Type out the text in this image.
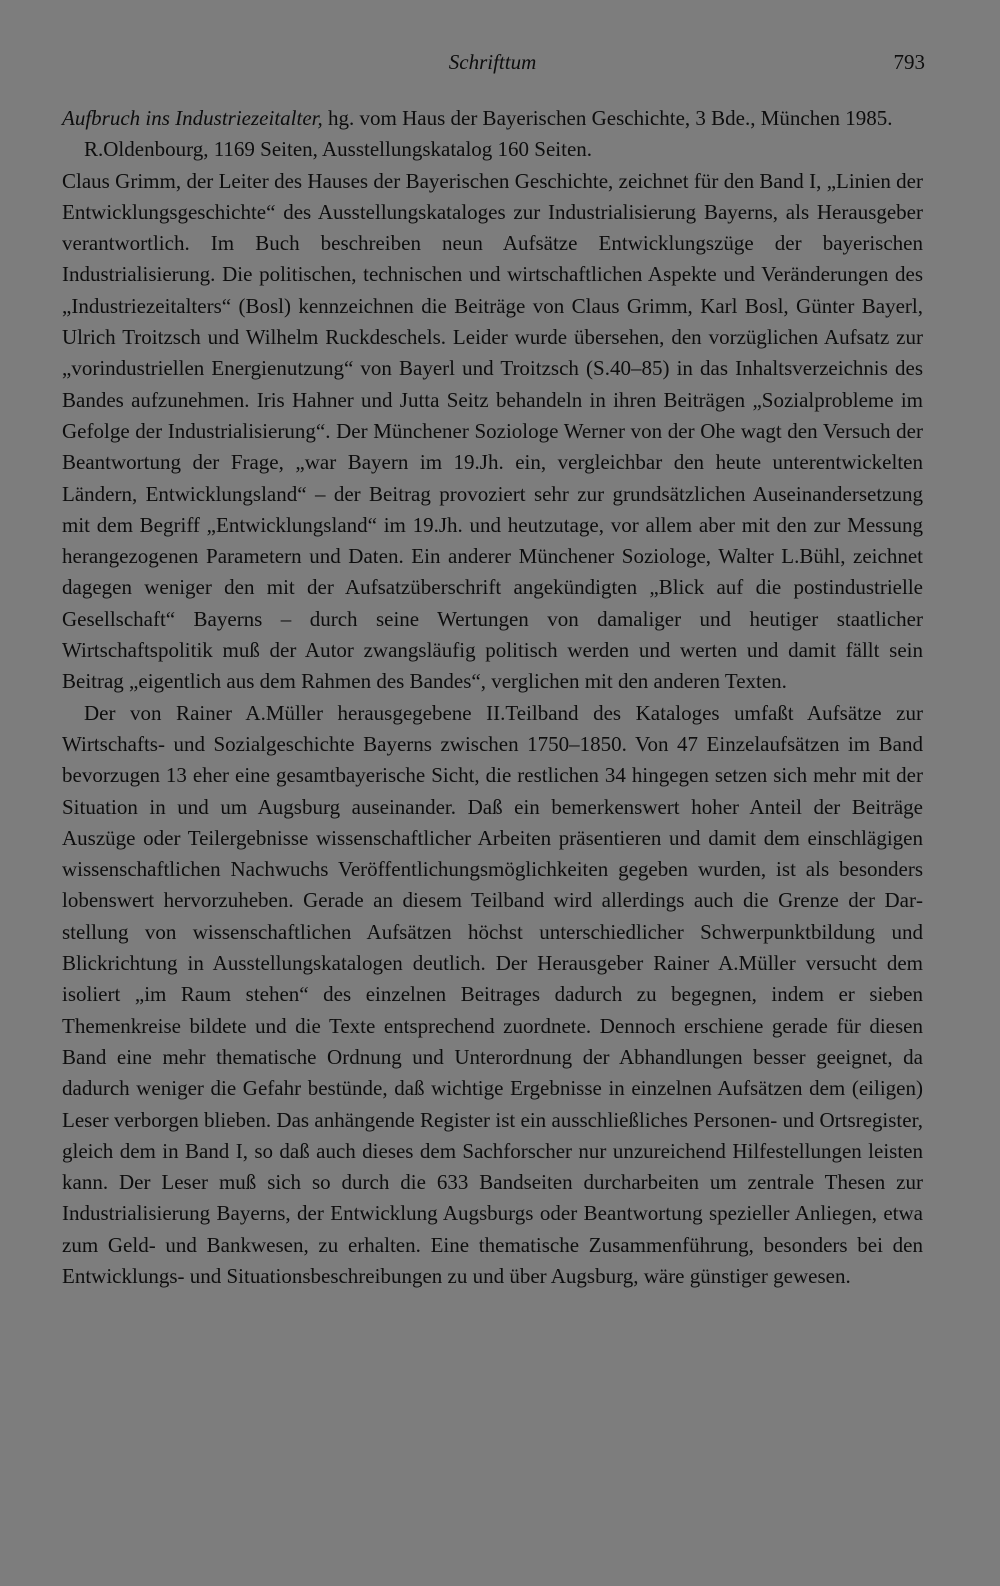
Schrifttum	793

Aufbruch ins Industriezeitalter, hg. vom Haus der Bayerischen Geschichte, 3 Bde., München 1985. R.Oldenbourg, 1169 Seiten, Ausstellungskatalog 160 Seiten.

Claus Grimm, der Leiter des Hauses der Bayerischen Geschichte, zeichnet für den Band I, „Linien der Entwicklungsgeschichte“ des Ausstellungskataloges zur Industrialisierung Bayerns, als Herausgeber verantwortlich. Im Buch beschreiben neun Aufsätze Entwicklungszüge der bayerischen Industrialisierung. Die politischen, technischen und wirtschaftlichen Aspekte und Veränderungen des „Industriezeitalters“ (Bosl) kennzeichnen die Beiträge von Claus Grimm, Karl Bosl, Günter Bayerl, Ulrich Troitzsch und Wilhelm Ruckdeschels. Leider wurde übersehen, den vorzüglichen Aufsatz zur „vorindustriellen Energienutzung“ von Bayerl und Troitzsch (S.40–85) in das Inhaltsverzeichnis des Bandes aufzunehmen. Iris Hahner und Jutta Seitz behandeln in ihren Beiträgen „Sozialprobleme im Gefolge der Industrialisierung“. Der Münchener Soziologe Werner von der Ohe wagt den Versuch der Beantwortung der Frage, „war Bayern im 19.Jh. ein, vergleichbar den heute unterentwickelten Ländern, Entwicklungsland“ – der Beitrag provoziert sehr zur grundsätzlichen Auseinandersetzung mit dem Begriff „Entwicklungsland“ im 19.Jh. und heutzutage, vor allem aber mit den zur Messung herangezogenen Parametern und Daten. Ein anderer Münchener Soziologe, Walter L.Bühl, zeichnet dagegen weniger den mit der Aufsatzüberschrift angekündigten „Blick auf die postindustrielle Gesellschaft“ Bayerns – durch seine Wertungen von damaliger und heutiger staatlicher Wirtschaftspolitik muß der Autor zwangsläufig politisch werden und werten und damit fällt sein Beitrag „eigentlich aus dem Rahmen des Bandes“, verglichen mit den anderen Texten.

Der von Rainer A.Müller herausgegebene II.Teilband des Kataloges umfaßt Aufsätze zur Wirtschafts- und Sozialgeschichte Bayerns zwischen 1750–1850. Von 47 Einzelaufsätzen im Band bevorzugen 13 eher eine gesamtbayerische Sicht, die restlichen 34 hingegen setzen sich mehr mit der Situation in und um Augsburg auseinander. Daß ein bemerkenswert hoher Anteil der Beiträge Auszüge oder Teilergebnisse wissenschaftlicher Arbeiten präsentieren und damit dem einschlägigen wissenschaftlichen Nachwuchs Veröffentlichungsmöglichkeiten gegeben wurden, ist als besonders lobenswert hervorzuheben. Gerade an diesem Teilband wird allerdings auch die Grenze der Darstellung von wissenschaftlichen Aufsätzen höchst unterschiedlicher Schwerpunktbildung und Blickrichtung in Ausstellungskatalogen deutlich. Der Herausgeber Rainer A.Müller versucht dem isoliert „im Raum stehen“ des einzelnen Beitrages dadurch zu begegnen, indem er sieben Themenkreise bildete und die Texte entsprechend zuordnete. Dennoch erschiene gerade für diesen Band eine mehr thematische Ordnung und Unterordnung der Abhandlungen besser geeignet, da dadurch weniger die Gefahr bestünde, daß wichtige Ergebnisse in einzelnen Aufsätzen dem (eiligen) Leser verborgen blieben. Das anhängende Register ist ein ausschließliches Personen- und Ortsregister, gleich dem in Band I, so daß auch dieses dem Sachforscher nur unzureichend Hilfestellungen leisten kann. Der Leser muß sich so durch die 633 Bandseiten durcharbeiten um zentrale Thesen zur Industrialisierung Bayerns, der Entwicklung Augsburgs oder Beantwortung spezieller Anliegen, etwa zum Geld- und Bankwesen, zu erhalten. Eine thematische Zusammenführung, besonders bei den Entwicklungs- und Situationsbeschreibungen zu und über Augsburg, wäre günstiger gewesen.
